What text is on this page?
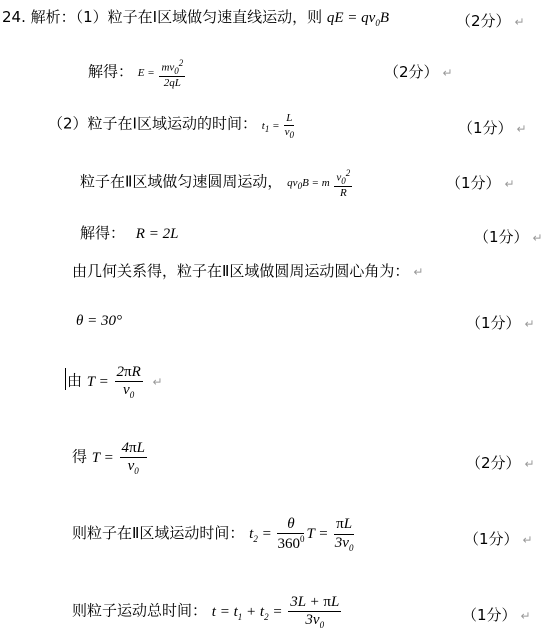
24. 解析：（1）粒子在Ⅰ区域做匀速直线运动，则 qE = $qv_0B$	（2分） ↵
解得： $E = \frac{mv_0^2}{2qL}$	（2分） ↵
（2）粒子在Ⅰ区域运动的时间： $t_1 = \frac{L}{v_0}$	（1分） ↵
粒子在Ⅱ区域做匀速圆周运动， $qv_0B = m \frac{v_0^2}{R}$	（1分） ↵
解得： R = 2L	（1分） ↵
由几何关系得，粒子在Ⅱ区域做圆周运动圆心角为： ↵
θ = 30°	（1分） ↵
由 $T = \frac{2\pi R}{v_0}$ ↵
得 $T = \frac{4\pi L}{v_0}$	（2分） ↵
则粒子在Ⅱ区域运动时间： $t_2 = \frac{\theta}{360^0}$ $T = \frac{\pi L}{3v_0}$	（1分） ↵
则粒子运动总时间： $t = t_1 + t_2 = \frac{3L + \pi L}{3v_0}$	（1分） ↵
